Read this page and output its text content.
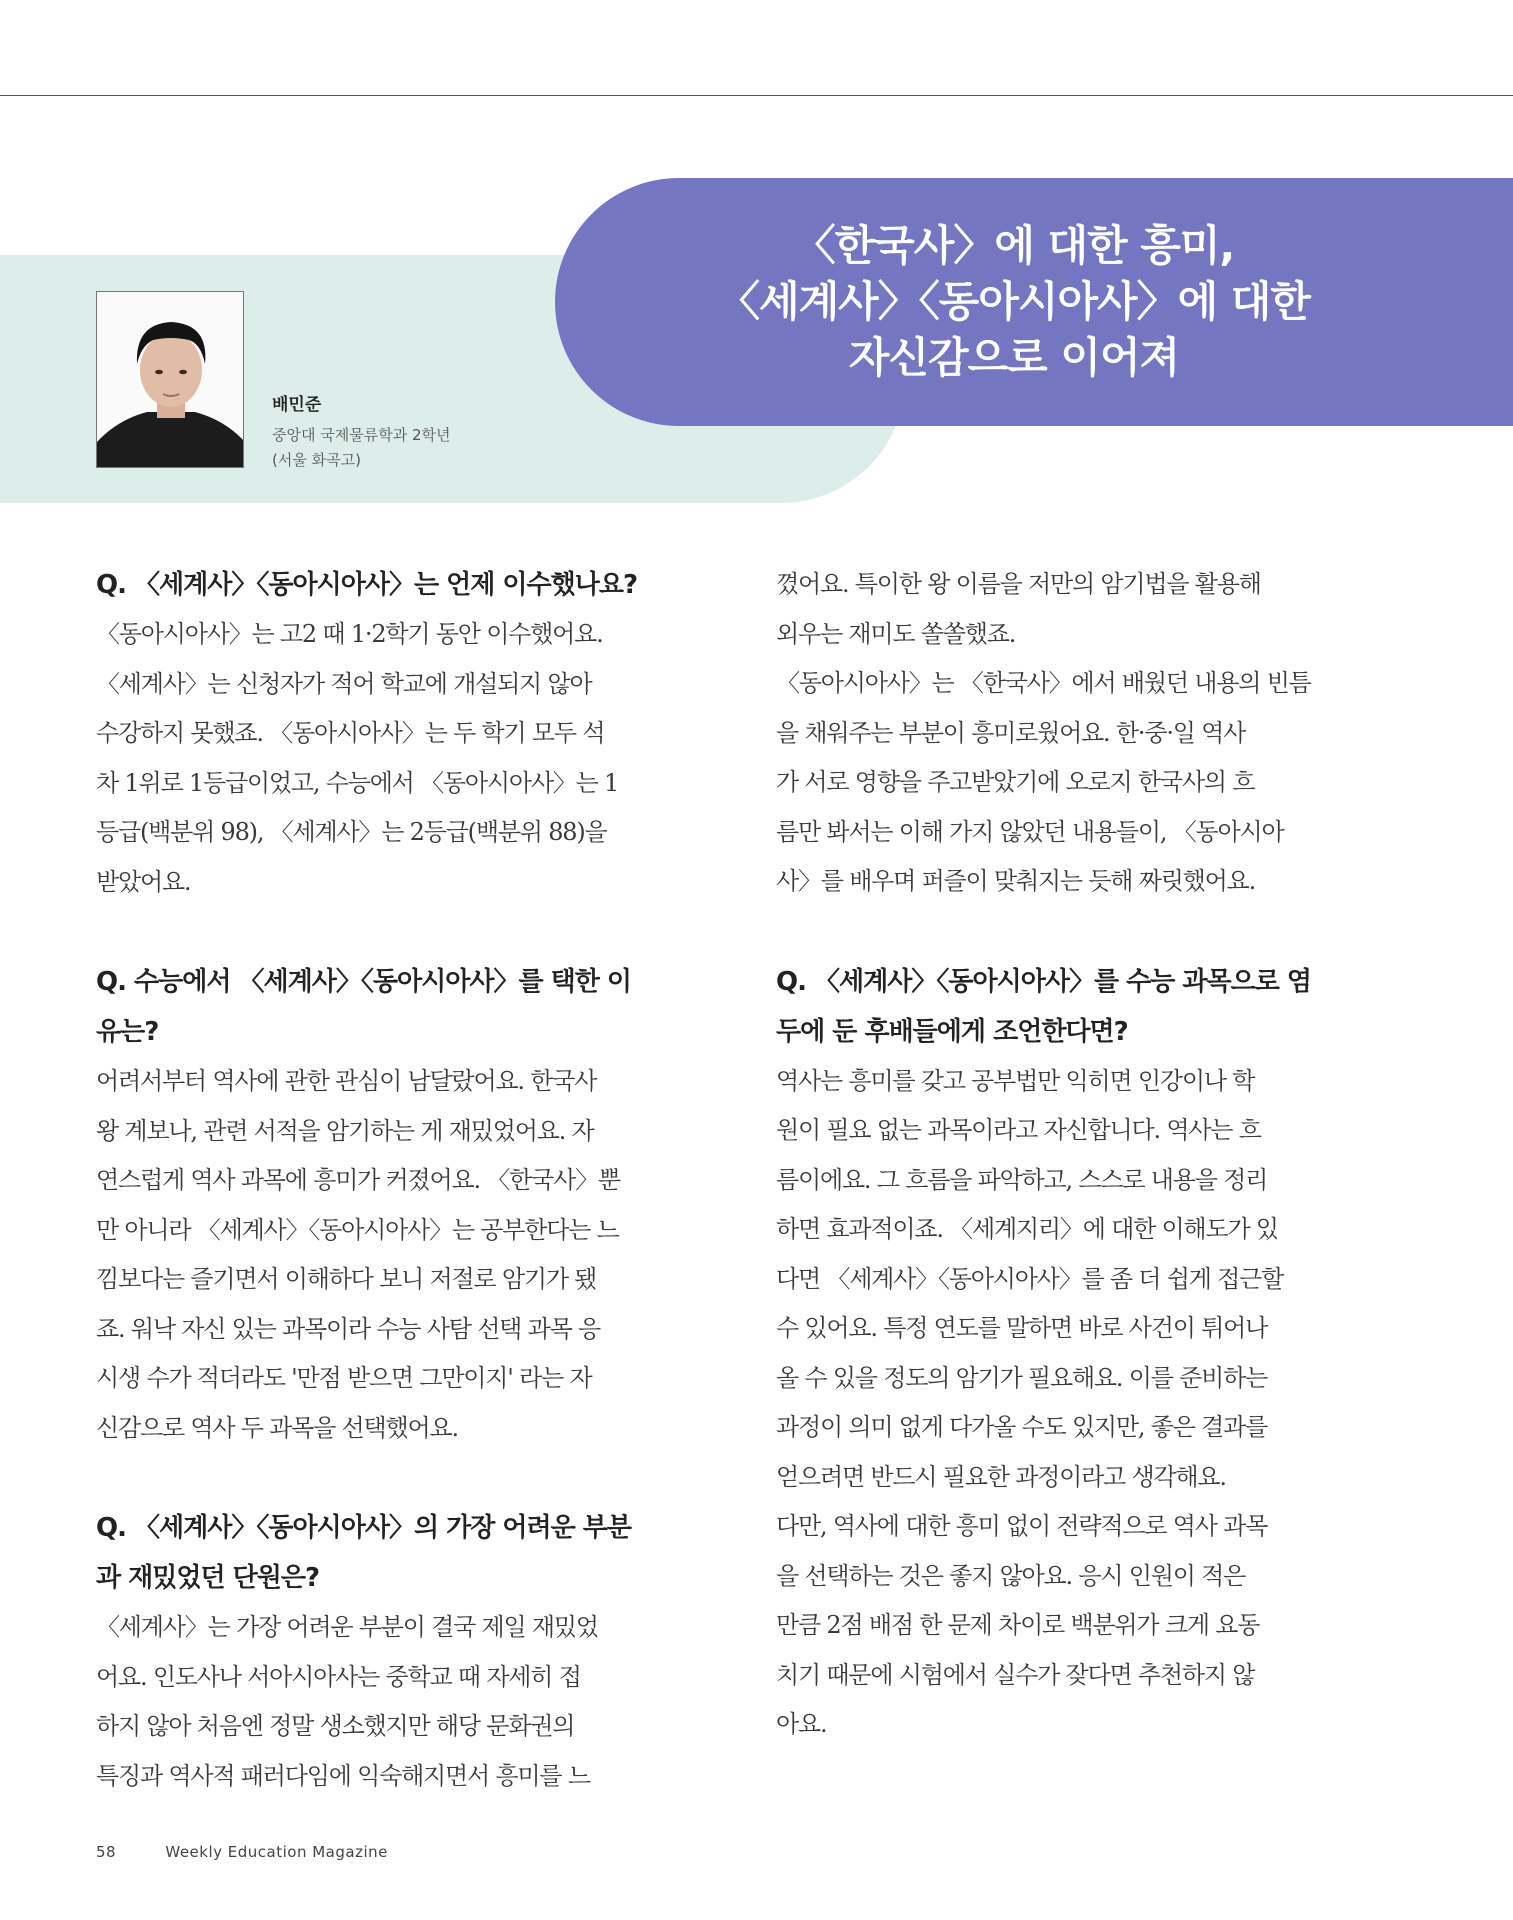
〈한국사〉에 대한 흥미,
〈세계사〉〈동아시아사〉에 대한
자신감으로 이어져
배민준
중앙대 국제물류학과 2학년
(서울 화곡고)
Q. 〈세계사〉〈동아시아사〉는 언제 이수했나요?
〈동아시아사〉는 고2 때 1·2학기 동안 이수했어요.
〈세계사〉는 신청자가 적어 학교에 개설되지 않아
수강하지 못했죠. 〈동아시아사〉는 두 학기 모두 석
차 1위로 1등급이었고, 수능에서 〈동아시아사〉는 1
등급(백분위 98), 〈세계사〉는 2등급(백분위 88)을
받았어요.
Q. 수능에서 〈세계사〉〈동아시아사〉를 택한 이
유는?
어려서부터 역사에 관한 관심이 남달랐어요. 한국사
왕 계보나, 관련 서적을 암기하는 게 재밌었어요. 자
연스럽게 역사 과목에 흥미가 커졌어요. 〈한국사〉뿐
만 아니라 〈세계사〉〈동아시아사〉는 공부한다는 느
낌보다는 즐기면서 이해하다 보니 저절로 암기가 됐
죠. 워낙 자신 있는 과목이라 수능 사탐 선택 과목 응
시생 수가 적더라도 '만점 받으면 그만이지' 라는 자
신감으로 역사 두 과목을 선택했어요.
Q. 〈세계사〉〈동아시아사〉의 가장 어려운 부분
과 재밌었던 단원은?
〈세계사〉는 가장 어려운 부분이 결국 제일 재밌었
어요. 인도사나 서아시아사는 중학교 때 자세히 접
하지 않아 처음엔 정말 생소했지만 해당 문화권의
특징과 역사적 패러다임에 익숙해지면서 흥미를 느
꼈어요. 특이한 왕 이름을 저만의 암기법을 활용해
외우는 재미도 쏠쏠했죠.
〈동아시아사〉는 〈한국사〉에서 배웠던 내용의 빈틈
을 채워주는 부분이 흥미로웠어요. 한·중·일 역사
가 서로 영향을 주고받았기에 오로지 한국사의 흐
름만 봐서는 이해 가지 않았던 내용들이, 〈동아시아
사〉를 배우며 퍼즐이 맞춰지는 듯해 짜릿했어요.
Q. 〈세계사〉〈동아시아사〉를 수능 과목으로 염
두에 둔 후배들에게 조언한다면?
역사는 흥미를 갖고 공부법만 익히면 인강이나 학
원이 필요 없는 과목이라고 자신합니다. 역사는 흐
름이에요. 그 흐름을 파악하고, 스스로 내용을 정리
하면 효과적이죠. 〈세계지리〉에 대한 이해도가 있
다면 〈세계사〉〈동아시아사〉를 좀 더 쉽게 접근할
수 있어요. 특정 연도를 말하면 바로 사건이 튀어나
올 수 있을 정도의 암기가 필요해요. 이를 준비하는
과정이 의미 없게 다가올 수도 있지만, 좋은 결과를
얻으려면 반드시 필요한 과정이라고 생각해요.
다만, 역사에 대한 흥미 없이 전략적으로 역사 과목
을 선택하는 것은 좋지 않아요. 응시 인원이 적은
만큼 2점 배점 한 문제 차이로 백분위가 크게 요동
치기 때문에 시험에서 실수가 잦다면 추천하지 않
아요.
58	Weekly Education Magazine
